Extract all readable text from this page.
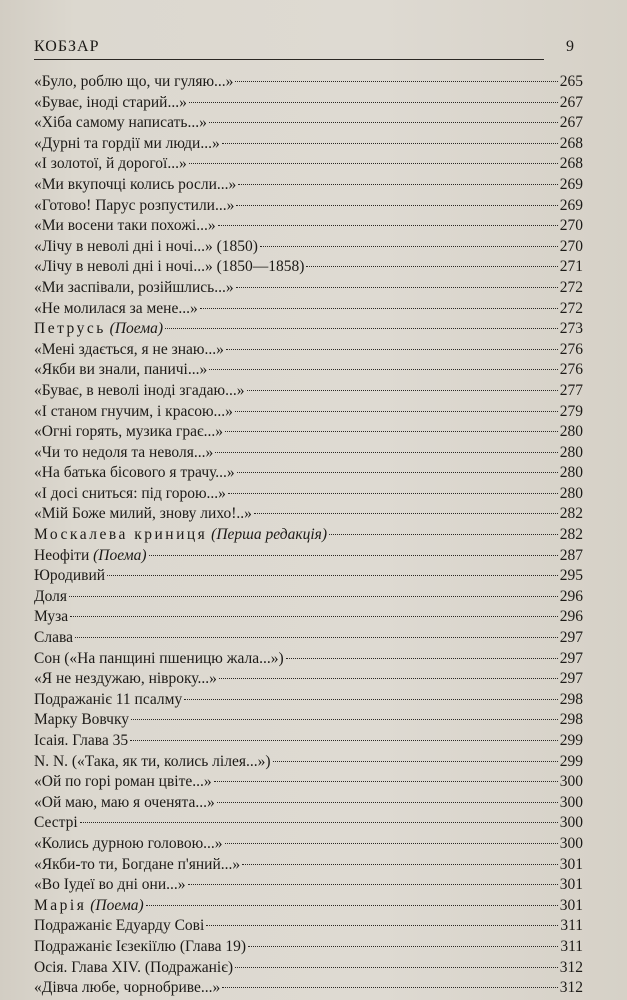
КОБЗАР	9
«Було, роблю що, чи гуляю...»	265
«Буває, іноді старий...»	267
«Хіба самому написать...»	267
«Дурні та гордії ми люди...»	268
«І золотої, й дорогої...»	268
«Ми вкупочці колись росли...»	269
«Готово! Парус розпустили...»	269
«Ми восени таки похожі...»	270
«Лічу в неволі дні і ночі...» (1850)	270
«Лічу в неволі дні і ночі...» (1850—1858)	271
«Ми заспівали, розійшлись...»	272
«Не молилася за мене...»	272
Петрусь (Поема)	273
«Мені здається, я не знаю...»	276
«Якби ви знали, паничі...»	276
«Буває, в неволі іноді згадаю...»	277
«І станом гнучим, і красою...»	279
«Огні горять, музика грає...»	280
«Чи то недоля та неволя...»	280
«На батька бісового я трачу...»	280
«І досі сниться: під горою...»	280
«Мій Боже милий, знову лихо!..»	282
Москалева криниця (Перша редакція)	282
Неофіти (Поема)	287
Юродивий	295
Доля	296
Муза	296
Слава	297
Сон («На панщині пшеницю жала...»)	297
«Я не нездужаю, нівроку...»	297
Подражаніє 11 псалму	298
Марку Вовчку	298
Ісаія. Глава 35	299
N. N. («Така, як ти, колись лілея...»)	299
«Ой по горі роман цвіте...»	300
«Ой маю, маю я оченята...»	300
Сестрі	300
«Колись дурною головою...»	300
«Якби-то ти, Богдане п'яний...»	301
«Во Іудеї во дні они...»	301
Марія (Поема)	301
Подражаніє Едуарду Сові	311
Подражаніє Ієзекіїлю (Глава 19)	311
Осія. Глава XIV. (Подражаніє)	312
«Дівча любе, чорнобриве...»	312
